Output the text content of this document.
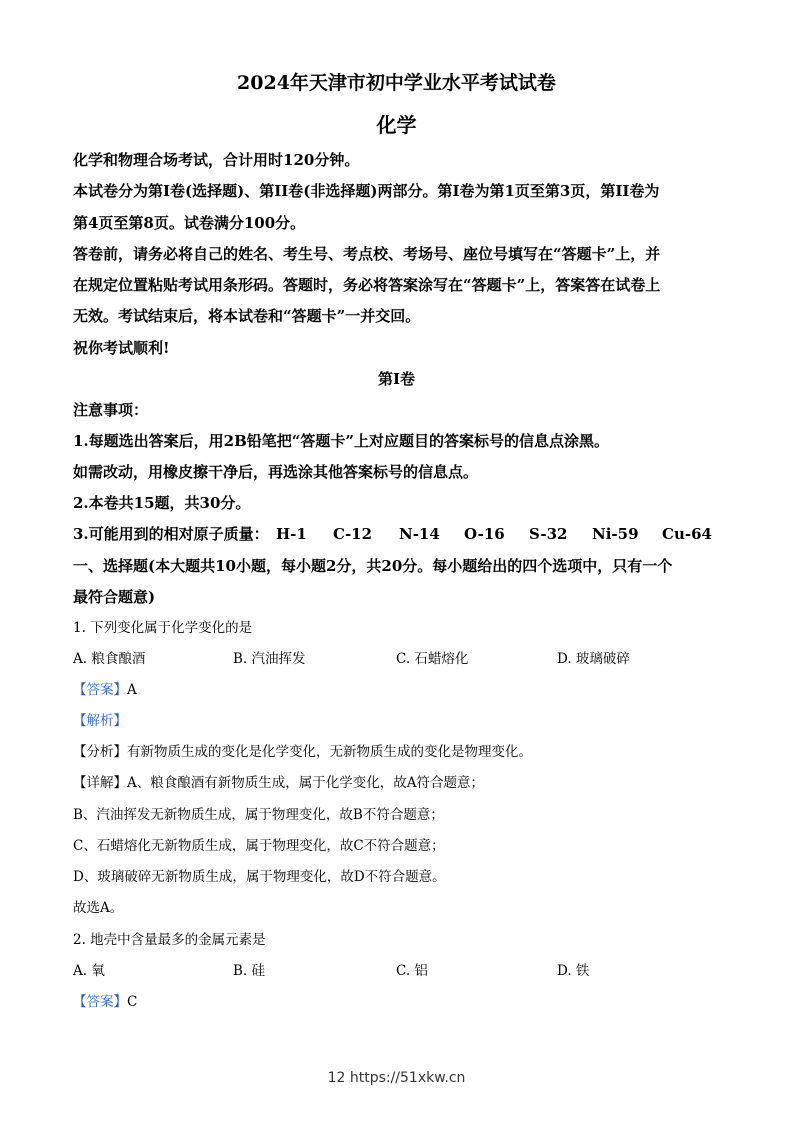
2024年天津市初中学业水平考试试卷
化学
化学和物理合场考试，合计用时120分钟。
本试卷分为第I卷(选择题)、第II卷(非选择题)两部分。第I卷为第1页至第3页，第II卷为
第4页至第8页。试卷满分100分。
答卷前，请务必将自己的姓名、考生号、考点校、考场号、座位号填写在“答题卡”上，并
在规定位置粘贴考试用条形码。答题时，务必将答案涂写在“答题卡”上，答案答在试卷上
无效。考试结束后，将本试卷和“答题卡”一并交回。
祝你考试顺利!
第I卷
注意事项：
1.每题选出答案后，用2B铅笔把“答题卡”上对应题目的答案标号的信息点涂黑。
如需改动，用橡皮擦干净后，再选涂其他答案标号的信息点。
2.本卷共15题，共30分。
3.可能用到的相对原子质量： H-1 C-12 N-14 O-16 S-32 Ni-59 Cu-64
一、选择题(本大题共10小题，每小题2分，共20分。每小题给出的四个选项中，只有一个
最符合题意)
1. 下列变化属于化学变化的是
A. 粮食酿酒	B. 汽油挥发	C. 石蜡熔化	D. 玻璃破碎
【答案】A
【解析】
【分析】有新物质生成的变化是化学变化，无新物质生成的变化是物理变化。
【详解】A、粮食酿酒有新物质生成，属于化学变化，故A符合题意；
B、汽油挥发无新物质生成，属于物理变化，故B不符合题意；
C、石蜡熔化无新物质生成，属于物理变化，故C不符合题意；
D、玻璃破碎无新物质生成，属于物理变化，故D不符合题意。
故选A。
2. 地壳中含量最多的金属元素是
A. 氧	B. 硅	C. 铝	D. 铁
【答案】C
12 https://51xkw.cn
